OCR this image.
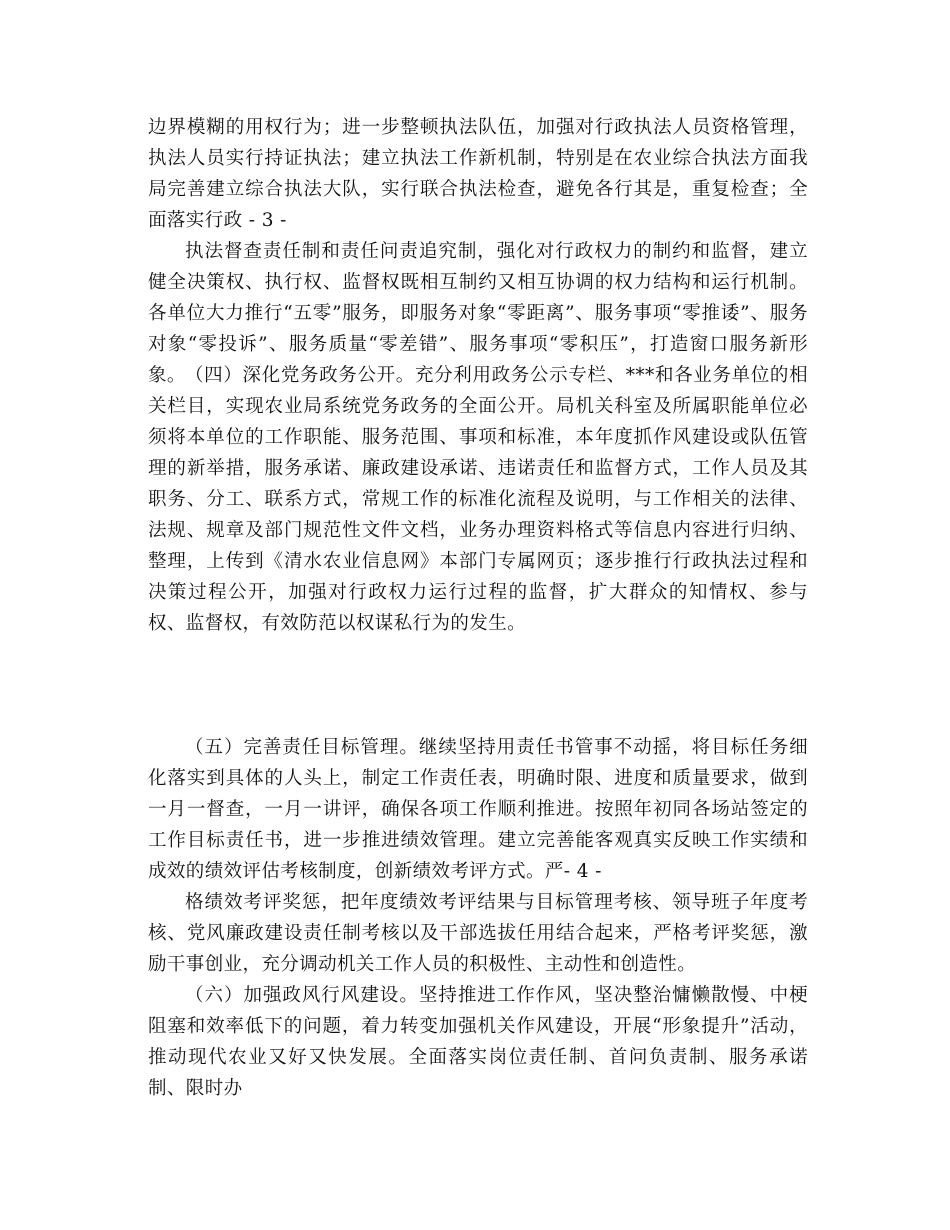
边界模糊的用权行为；进一步整顿执法队伍，加强对行政执法人员资格管理，执法人员实行持证执法；建立执法工作新机制，特别是在农业综合执法方面我局完善建立综合执法大队，实行联合执法检查，避免各行其是，重复检查；全面落实行政 - 3 -

执法督查责任制和责任问责追究制，强化对行政权力的制约和监督，建立健全决策权、执行权、监督权既相互制约又相互协调的权力结构和运行机制。各单位大力推行“五零”服务，即服务对象“零距离”、服务事项“零推诿”、服务对象“零投诉”、服务质量“零差错”、服务事项“零积压”，打造窗口服务新形象。 （四）深化党务政务公开。充分利用政务公示专栏、***和各业务单位的相关栏目，实现农业局系统党务政务的全面公开。局机关科室及所属职能单位必须将本单位的工作职能、服务范围、事项和标准，本年度抓作风建设或队伍管理的新举措，服务承诺、廉政建设承诺、违诺责任和监督方式，工作人员及其职务、分工、联系方式，常规工作的标准化流程及说明，与工作相关的法律、法规、规章及部门规范性文件文档，业务办理资料格式等信息内容进行归纳、整理，上传到《清水农业信息网》本部门专属网页；逐步推行行政执法过程和决策过程公开，加强对行政权力运行过程的监督，扩大群众的知情权、参与权、监督权，有效防范以权谋私行为的发生。

（五）完善责任目标管理。继续坚持用责任书管事不动摇，将目标任务细化落实到具体的人头上，制定工作责任表，明确时限、进度和质量要求，做到一月一督查，一月一讲评，确保各项工作顺利推进。按照年初同各场站签定的工作目标责任书，进一步推进绩效管理。建立完善能客观真实反映工作实绩和成效的绩效评估考核制度，创新绩效考评方式。严- 4 -

格绩效考评奖惩，把年度绩效考评结果与目标管理考核、领导班子年度考核、党风廉政建设责任制考核以及干部选拔任用结合起来，严格考评奖惩，激励干事创业，充分调动机关工作人员的积极性、主动性和创造性。

（六）加强政风行风建设。坚持推进工作作风，坚决整治慵懒散慢、中梗阻塞和效率低下的问题，着力转变加强机关作风建设，开展“形象提升”活动，推动现代农业又好又快发展。全面落实岗位责任制、首问负责制、服务承诺制、限时办
